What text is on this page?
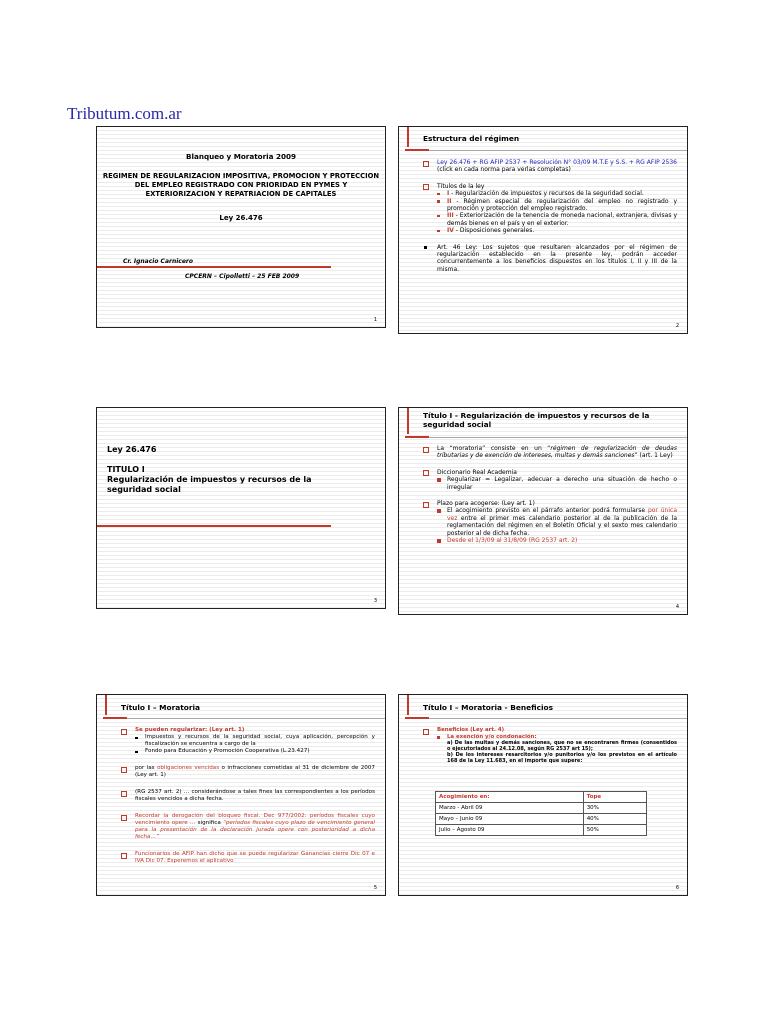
Tributum.com.ar
Blanqueo y Moratoria 2009
REGIMEN DE REGULARIZACION IMPOSITIVA, PROMOCION Y PROTECCION DEL EMPLEO REGISTRADO CON PRIORIDAD EN PYMES Y EXTERIORIZACION Y REPATRIACION DE CAPITALES
Ley 26.476
Cr. Ignacio Carnicero
CPCERN – Cipolletti – 25 FEB 2009
1
Estructura del régimen
Ley 26.476 + RG AFIP 2537 + Resolución N° 03/09 M.T.E y S.S. + RG AFIP 2536 (click en cada norma para verlas completas)
Títulos de la ley
I - Regularización de impuestos y recursos de la seguridad social.
II - Régimen especial de regularización del empleo no registrado y promoción y protección del empleo registrado.
III - Exteriorización de la tenencia de moneda nacional, extranjera, divisas y demás bienes en el país y en el exterior.
IV - Disposiciones generales.
Art. 46 Ley: Los sujetos que resultaren alcanzados por el régimen de regularización establecido en la presente ley, podrán acceder concurrentemente a los beneficios dispuestos en los títulos I, II y III de la misma.
2
Ley 26.476
TITULO I
Regularización de impuestos y recursos de la seguridad social
3
Título I - Regularización de impuestos y recursos de la seguridad social
La “moratoria” consiste en un “régimen de regularización de deudas tributarias y de exención de intereses, multas y demás sanciones” (art. 1 Ley)
Diccionario Real Academia
Regularizar = Legalizar, adecuar a derecho una situación de hecho o irregular
Plazo para acogerse: (Ley art. 1)
El acogimiento previsto en el párrafo anterior podrá formularse por única vez entre el primer mes calendario posterior al de la publicación de la reglamentación del régimen en el Boletín Oficial y el sexto mes calendario posterior al de dicha fecha.
Desde el 1/3/09 al 31/8/09 (RG 2537 art. 2)
4
Título I – Moratoria
Se pueden regularizar: (Ley art. 1)
Impuestos y recursos de la seguridad social, cuya aplicación, percepción y fiscalización se encuentra a cargo de la
Fondo para Educación y Promoción Cooperativa (L.23.427)
por las obligaciones vencidas o infracciones cometidas al 31 de diciembre de 2007 (Ley art. 1)
(RG 2537 art. 2) … considerándose a tales fines las correspondientes a los períodos fiscales vencidos a dicha fecha.
Recordar la derogación del bloqueo fiscal. Dec 977/2002: períodos fiscales cuyo vencimiento opere … significa “períodos fiscales cuyo plazo de vencimiento general para la presentación de la declaración jurada opere con posterioridad a dicha fecha…”
Funcionarios de AFIP han dicho que se puede regularizar Ganancias cierre Dic 07 e IVA Dic 07. Esperemos el aplicativo
5
Título I – Moratoria - Beneficios
Beneficios (Ley art. 4)
La exención y/o condonación:
a) De las multas y demás sanciones, que no se encontraren firmes (consentidos o ejecutoriados al 24.12.08, según RG 2537 art 15);
b) De los intereses resarcitorios y/o punitorios y/o los previstos en el artículo 168 de la Ley 11.683, en el importe que supere:
Acogimiento en:	Tope
Marzo - Abril 09	30%
Mayo – Junio 09	40%
Julio – Agosto 09	50%
6
